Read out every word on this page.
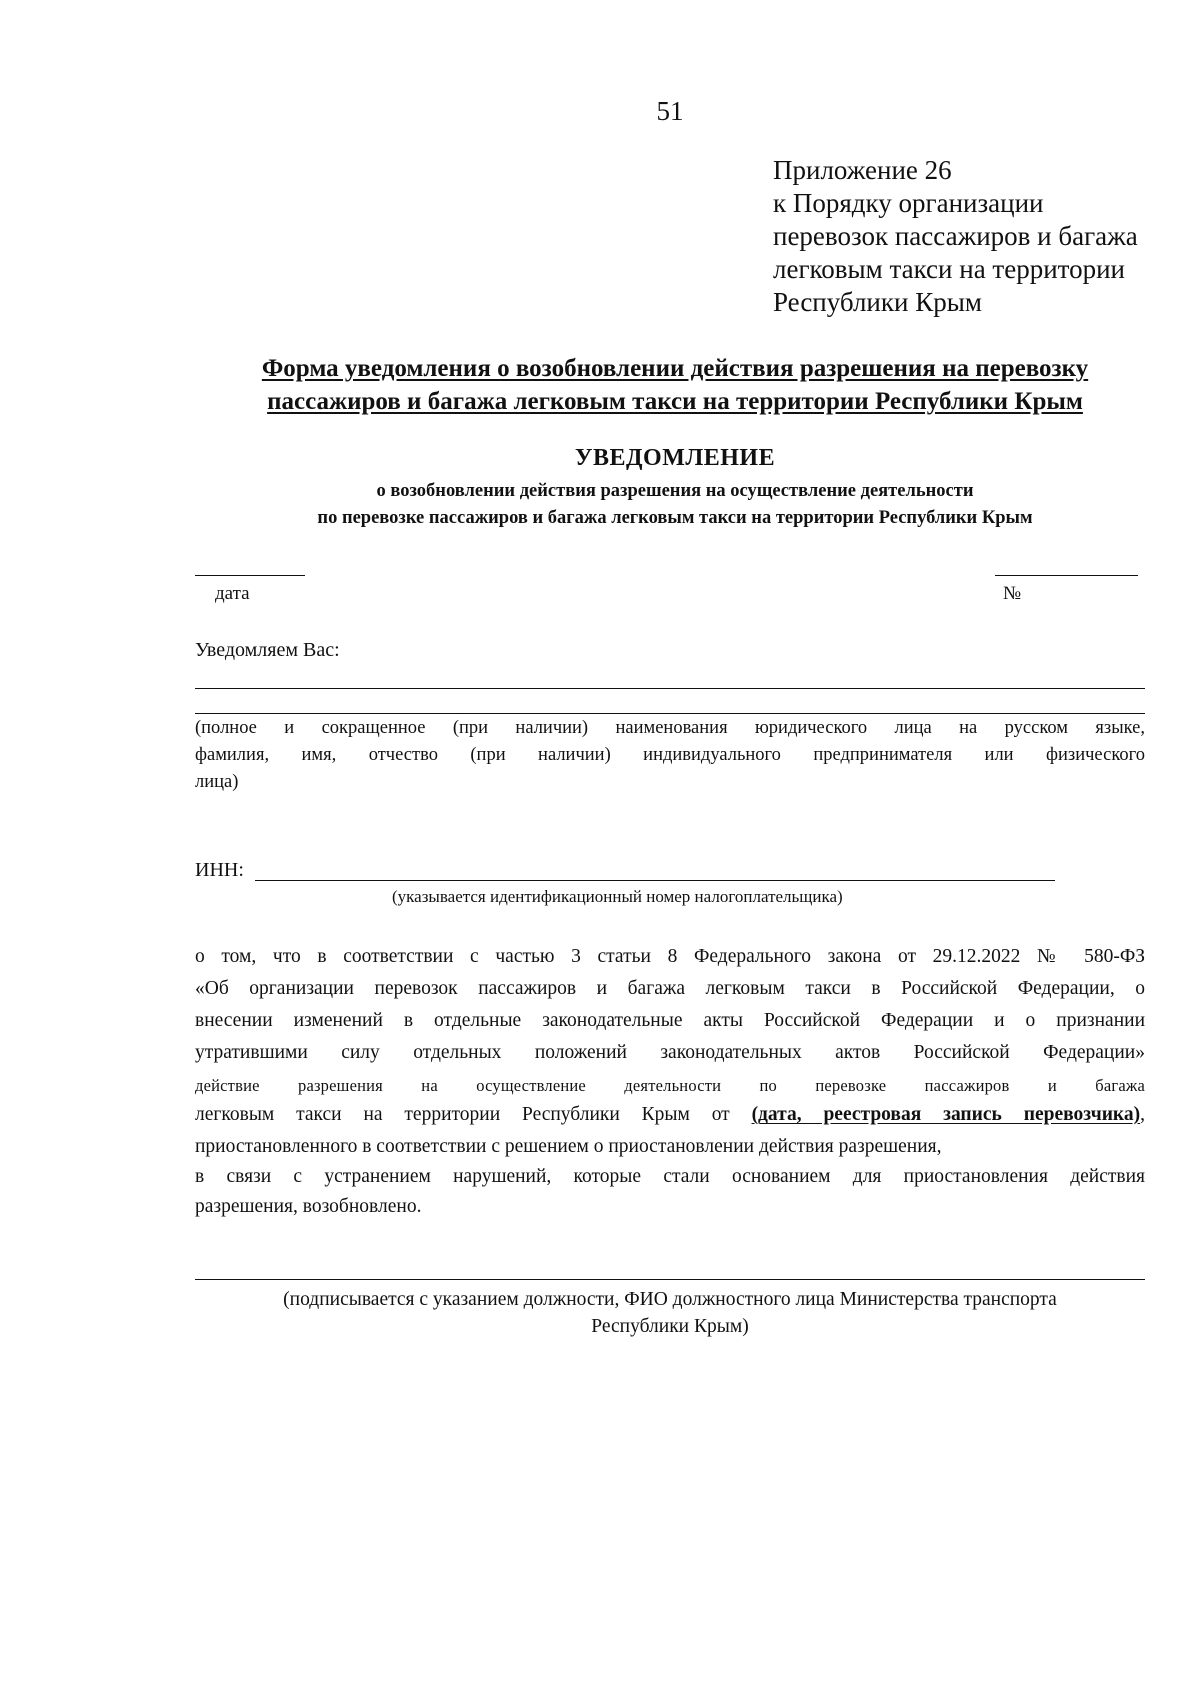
51
Приложение 26
к Порядку организации
перевозок пассажиров и багажа
легковым такси на территории
Республики Крым
Форма уведомления о возобновлении действия разрешения на перевозку
пассажиров и багажа легковым такси на территории Республики Крым
УВЕДОМЛЕНИЕ
о возобновлении действия разрешения на осуществление деятельности
по перевозке пассажиров и багажа легковым такси на территории Республики Крым
дата	№
Уведомляем Вас:
(полное и сокращенное (при наличии) наименования юридического лица на русском языке,
фамилия, имя, отчество (при наличии) индивидуального предпринимателя или физического
лица)
ИНН:
(указывается идентификационный номер налогоплательщика)
о том, что в соответствии с частью 3 статьи 8 Федерального закона от 29.12.2022 № 580-ФЗ
«Об организации перевозок пассажиров и багажа легковым такси в Российской Федерации, о
внесении изменений в отдельные законодательные акты Российской Федерации и о признании
утратившими силу отдельных положений законодательных актов Российской Федерации»
действие разрешения на осуществление деятельности по перевозке пассажиров и багажа
легковым такси на территории Республики Крым от (дата, реестровая запись перевозчика),
приостановленного в соответствии с решением о приостановлении действия разрешения,
в связи с устранением нарушений, которые стали основанием для приостановления действия
разрешения, возобновлено.
(подписывается с указанием должности, ФИО должностного лица Министерства транспорта
Республики Крым)
